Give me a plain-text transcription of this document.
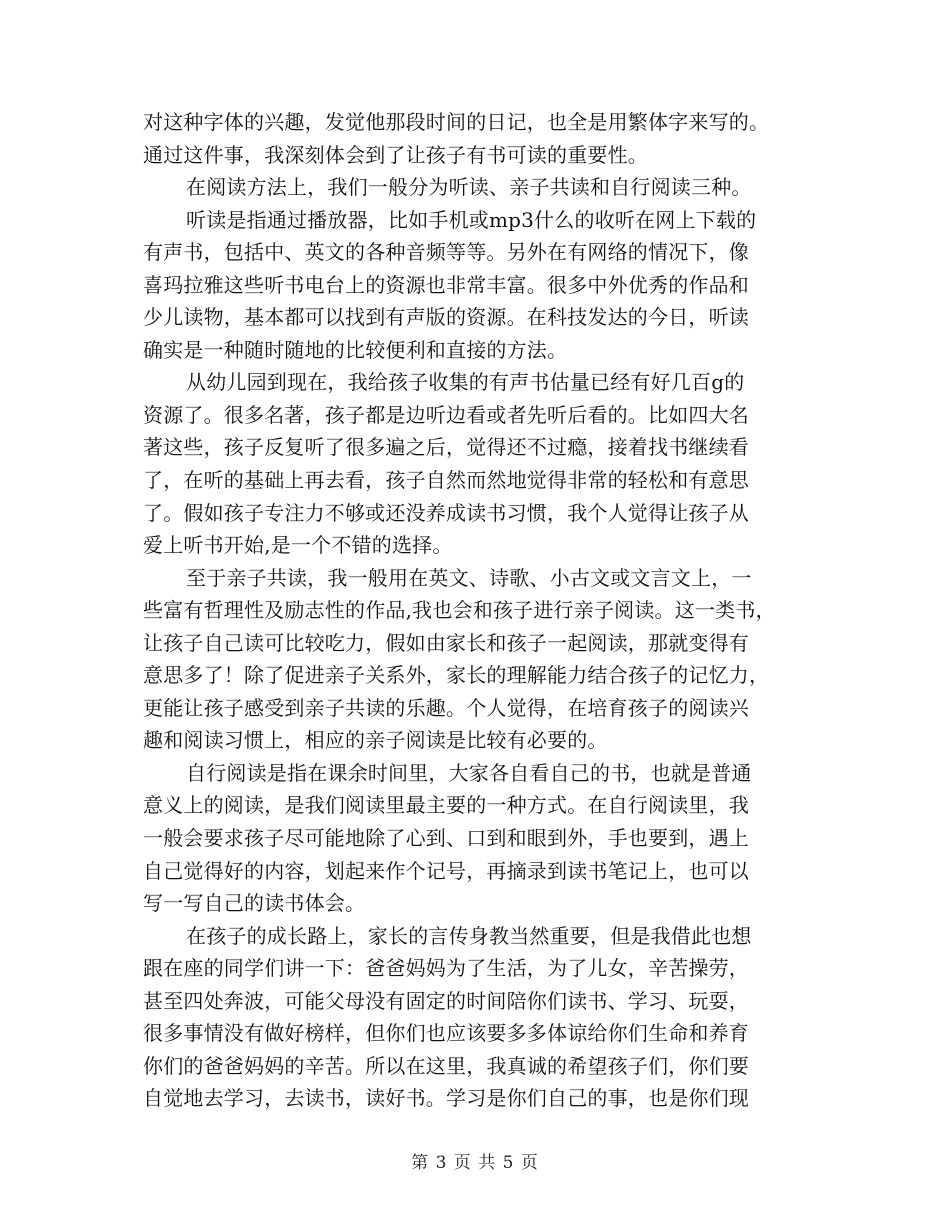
对这种字体的兴趣，发觉他那段时间的日记，也全是用繁体字来写的。
通过这件事，我深刻体会到了让孩子有书可读的重要性。
在阅读方法上，我们一般分为听读、亲子共读和自行阅读三种。
听读是指通过播放器，比如手机或mp3什么的收听在网上下载的
有声书，包括中、英文的各种音频等等。另外在有网络的情况下，像
喜玛拉雅这些听书电台上的资源也非常丰富。很多中外优秀的作品和
少儿读物，基本都可以找到有声版的资源。在科技发达的今日，听读
确实是一种随时随地的比较便利和直接的方法。
从幼儿园到现在，我给孩子收集的有声书估量已经有好几百g的
资源了。很多名著，孩子都是边听边看或者先听后看的。比如四大名
著这些，孩子反复听了很多遍之后，觉得还不过瘾，接着找书继续看
了，在听的基础上再去看，孩子自然而然地觉得非常的轻松和有意思
了。假如孩子专注力不够或还没养成读书习惯，我个人觉得让孩子从
爱上听书开始,是一个不错的选择。
至于亲子共读，我一般用在英文、诗歌、小古文或文言文上，一
些富有哲理性及励志性的作品,我也会和孩子进行亲子阅读。这一类书，
让孩子自己读可比较吃力，假如由家长和孩子一起阅读，那就变得有
意思多了！除了促进亲子关系外，家长的理解能力结合孩子的记忆力，
更能让孩子感受到亲子共读的乐趣。个人觉得，在培育孩子的阅读兴
趣和阅读习惯上，相应的亲子阅读是比较有必要的。
自行阅读是指在课余时间里，大家各自看自己的书，也就是普通
意义上的阅读，是我们阅读里最主要的一种方式。在自行阅读里，我
一般会要求孩子尽可能地除了心到、口到和眼到外，手也要到，遇上
自己觉得好的内容，划起来作个记号，再摘录到读书笔记上，也可以
写一写自己的读书体会。
在孩子的成长路上，家长的言传身教当然重要，但是我借此也想
跟在座的同学们讲一下：爸爸妈妈为了生活，为了儿女，辛苦操劳，
甚至四处奔波，可能父母没有固定的时间陪你们读书、学习、玩耍，
很多事情没有做好榜样，但你们也应该要多多体谅给你们生命和养育
你们的爸爸妈妈的辛苦。所以在这里，我真诚的希望孩子们，你们要
自觉地去学习，去读书，读好书。学习是你们自己的事，也是你们现
第 3 页 共 5 页
